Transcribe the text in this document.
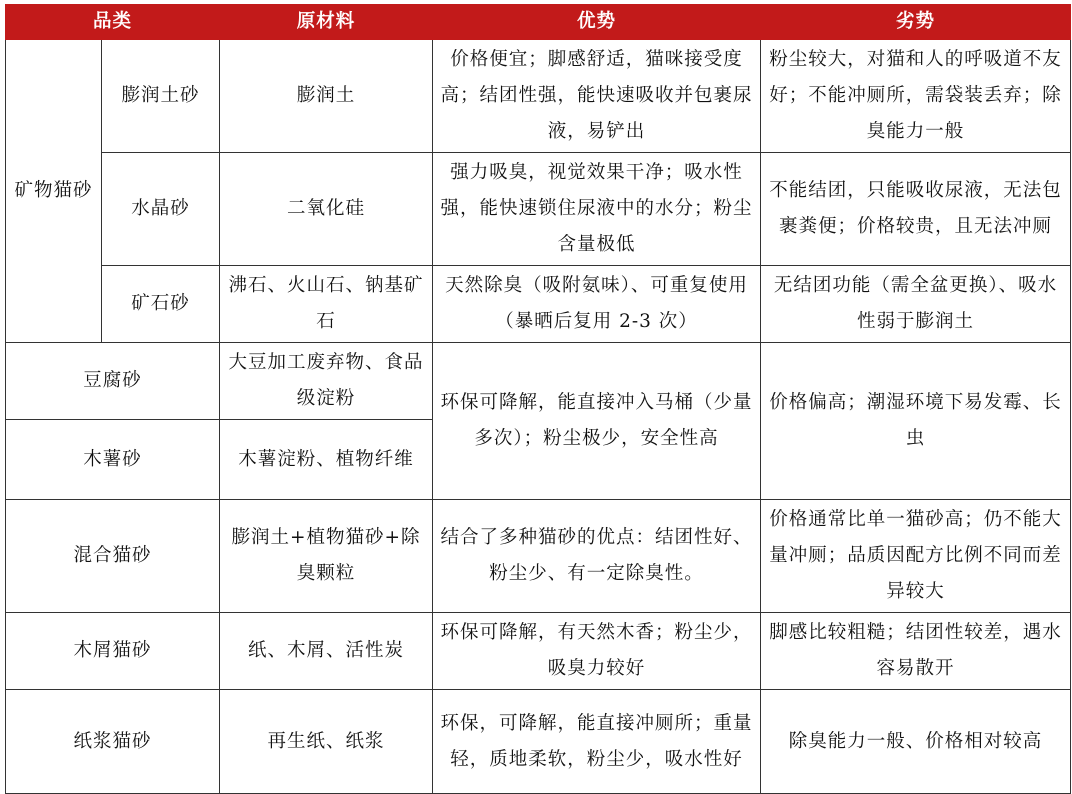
品类		原材料	优势	劣势
矿物猫砂	膨润土砂	膨润土	价格便宜；脚感舒适，猫咪接受度高；结团性强，能快速吸收并包裹尿液，易铲出	粉尘较大，对猫和人的呼吸道不友好；不能冲厕所，需袋装丢弃；除臭能力一般
	水晶砂	二氧化硅	强力吸臭，视觉效果干净；吸水性强，能快速锁住尿液中的水分；粉尘含量极低	不能结团，只能吸收尿液，无法包裹粪便；价格较贵，且无法冲厕
	矿石砂	沸石、火山石、钠基矿石	天然除臭（吸附氨味）、可重复使用（暴晒后复用 2-3 次）	无结团功能（需全盆更换）、吸水性弱于膨润土
豆腐砂		大豆加工废弃物、食品级淀粉	环保可降解，能直接冲入马桶（少量多次）；粉尘极少，安全性高	价格偏高；潮湿环境下易发霉、长虫
木薯砂		木薯淀粉、植物纤维		
混合猫砂		膨润土+植物猫砂+除臭颗粒	结合了多种猫砂的优点：结团性好、粉尘少、有一定除臭性。	价格通常比单一猫砂高；仍不能大量冲厕；品质因配方比例不同而差异较大
木屑猫砂		纸、木屑、活性炭	环保可降解，有天然木香；粉尘少，吸臭力较好	脚感比较粗糙；结团性较差，遇水容易散开
纸浆猫砂		再生纸、纸浆	环保，可降解，能直接冲厕所；重量轻，质地柔软，粉尘少，吸水性好	除臭能力一般、价格相对较高
